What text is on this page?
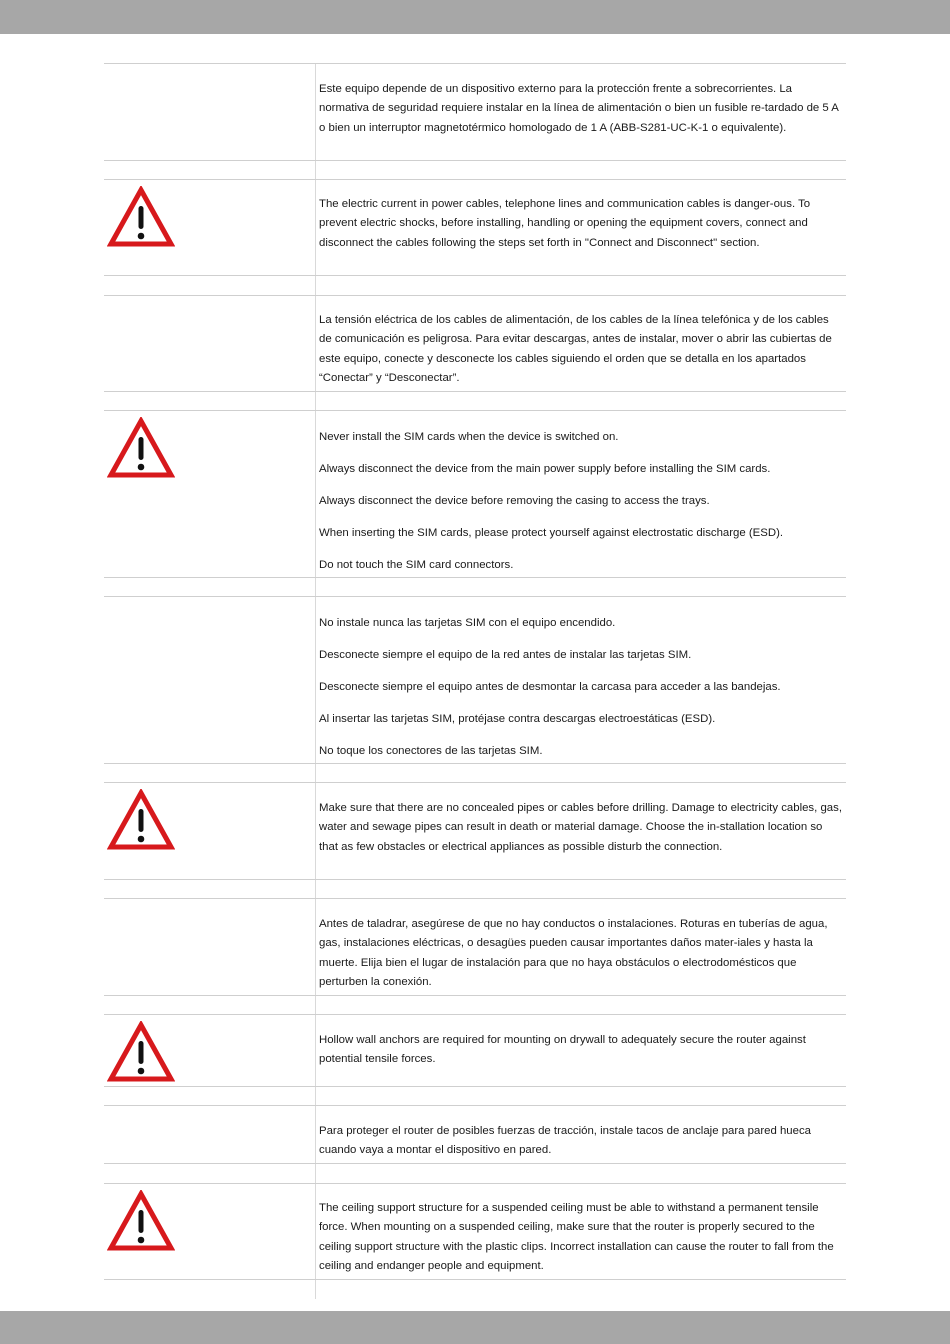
Este equipo depende de un dispositivo externo para la protección frente a sobrecorrientes. La normativa de seguridad requiere instalar en la línea de alimentación o bien un fusible re-tardado de 5 A o bien un interruptor magnetotérmico homologado de 1 A (ABB-S281-UC-K-1 o equivalente).

The electric current in power cables, telephone lines and communication cables is danger-ous. To prevent electric shocks, before installing, handling or opening the equipment covers, connect and disconnect the cables following the steps set forth in "Connect and Disconnect" section.

La tensión eléctrica de los cables de alimentación, de los cables de la línea telefónica y de los cables de comunicación es peligrosa. Para evitar descargas, antes de instalar, mover o abrir las cubiertas de este equipo, conecte y desconecte los cables siguiendo el orden que se detalla en los apartados “Conectar” y “Desconectar”.

Never install the SIM cards when the device is switched on.

Always disconnect the device from the main power supply before installing the SIM cards.

Always disconnect the device before removing the casing to access the trays.

When inserting the SIM cards, please protect yourself against electrostatic discharge (ESD).

Do not touch the SIM card connectors.

No instale nunca las tarjetas SIM con el equipo encendido.

Desconecte siempre el equipo de la red antes de instalar las tarjetas SIM.

Desconecte siempre el equipo antes de desmontar la carcasa para acceder a las bandejas.

Al insertar las tarjetas SIM, protéjase contra descargas electroestáticas (ESD).

No toque los conectores de las tarjetas SIM.

Make sure that there are no concealed pipes or cables before drilling. Damage to electricity cables, gas, water and sewage pipes can result in death or material damage. Choose the in-stallation location so that as few obstacles or electrical appliances as possible disturb the connection.

Antes de taladrar, asegúrese de que no hay conductos o instalaciones. Roturas en tuberías de agua, gas, instalaciones eléctricas, o desagües pueden causar importantes daños mater-iales y hasta la muerte. Elija bien el lugar de instalación para que no haya obstáculos o electrodomésticos que perturben la conexión.

Hollow wall anchors are required for mounting on drywall to adequately secure the router against potential tensile forces.

Para proteger el router de posibles fuerzas de tracción, instale tacos de anclaje para pared hueca cuando vaya a montar el dispositivo en pared.

The ceiling support structure for a suspended ceiling must be able to withstand a permanent tensile force. When mounting on a suspended ceiling, make sure that the router is properly secured to the ceiling support structure with the plastic clips. Incorrect installation can cause the router to fall from the ceiling and endanger people and equipment.
